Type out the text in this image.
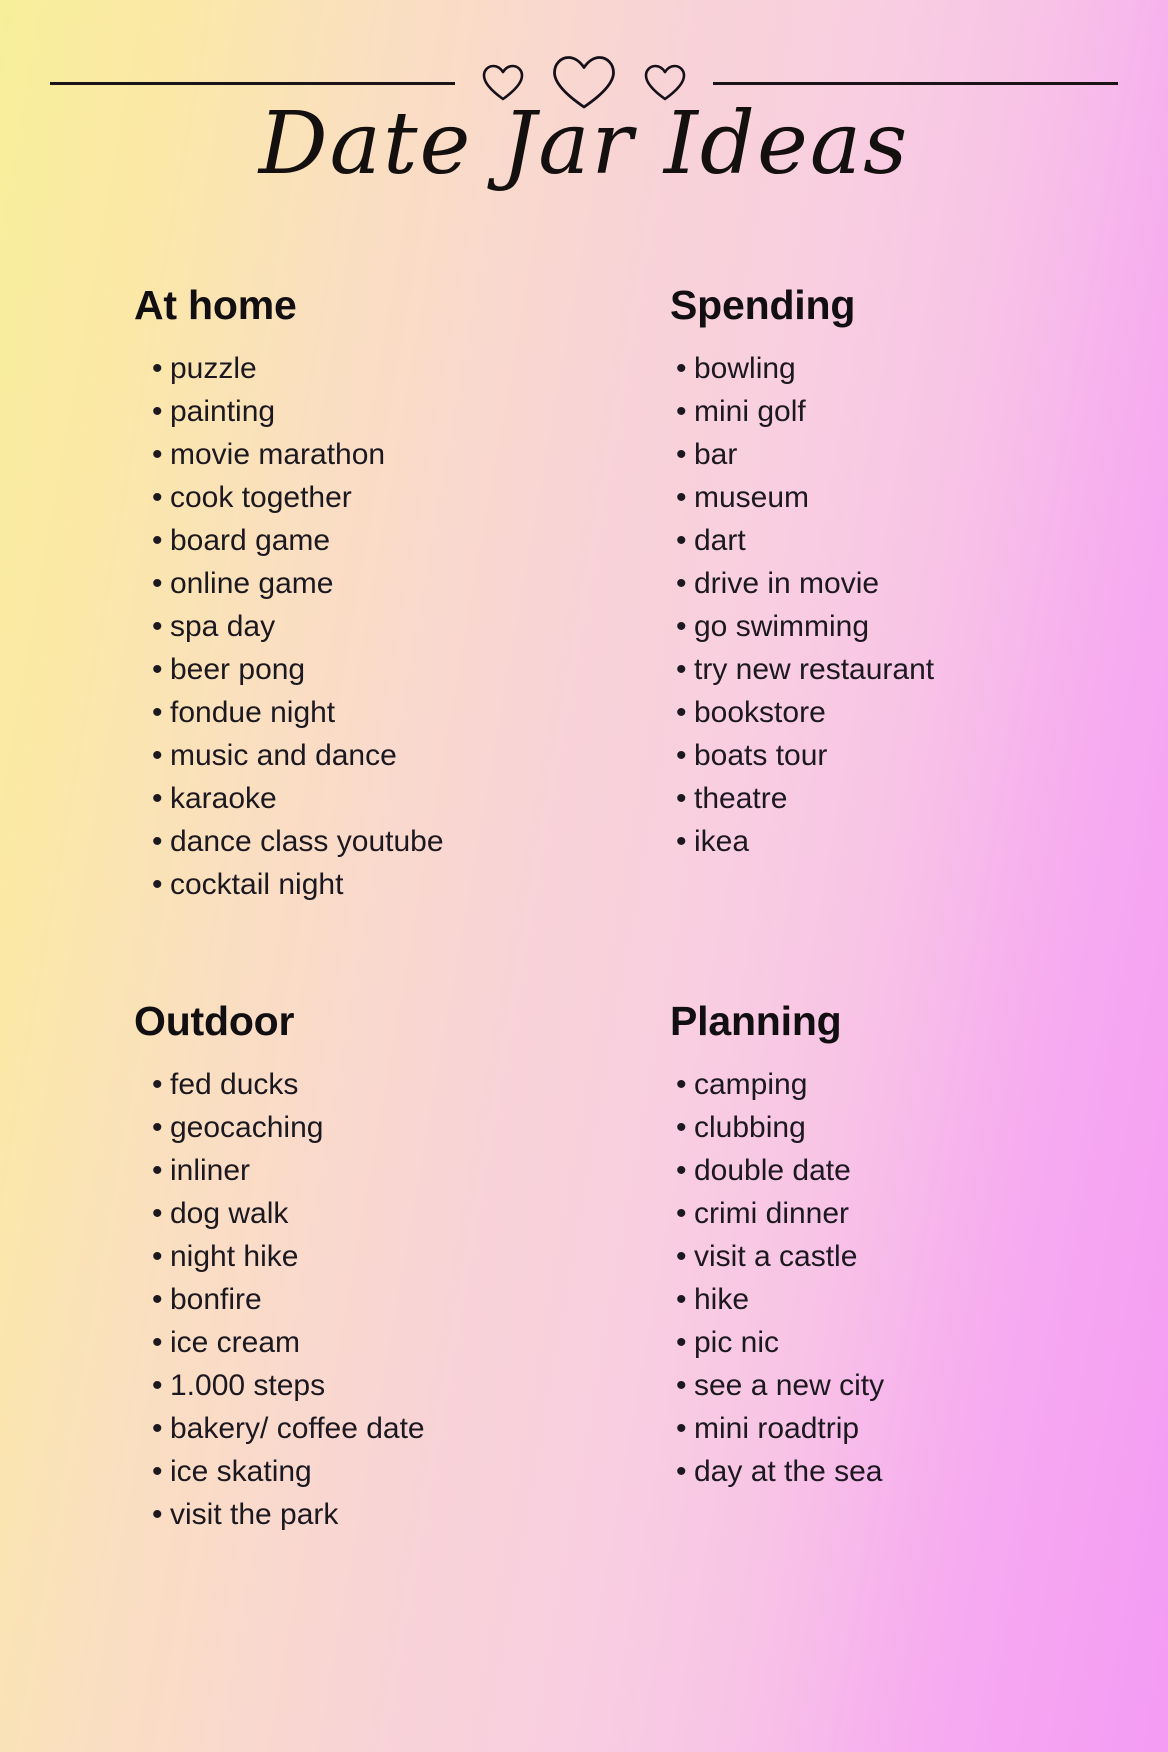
Date Jar Ideas
At home
• puzzle
• painting
• movie marathon
• cook together
• board game
• online game
• spa day
• beer pong
• fondue night
• music and dance
• karaoke
• dance class youtube
• cocktail night
Spending
• bowling
• mini golf
• bar
• museum
• dart
• drive in movie
• go swimming
• try new restaurant
• bookstore
• boats tour
• theatre
• ikea
Outdoor
• fed ducks
• geocaching
• inliner
• dog walk
• night hike
• bonfire
• ice cream
• 1.000 steps
• bakery/ coffee date
• ice skating
• visit the park
Planning
• camping
• clubbing
• double date
• crimi dinner
• visit a castle
• hike
• pic nic
• see a new city
• mini roadtrip
• day at the sea
